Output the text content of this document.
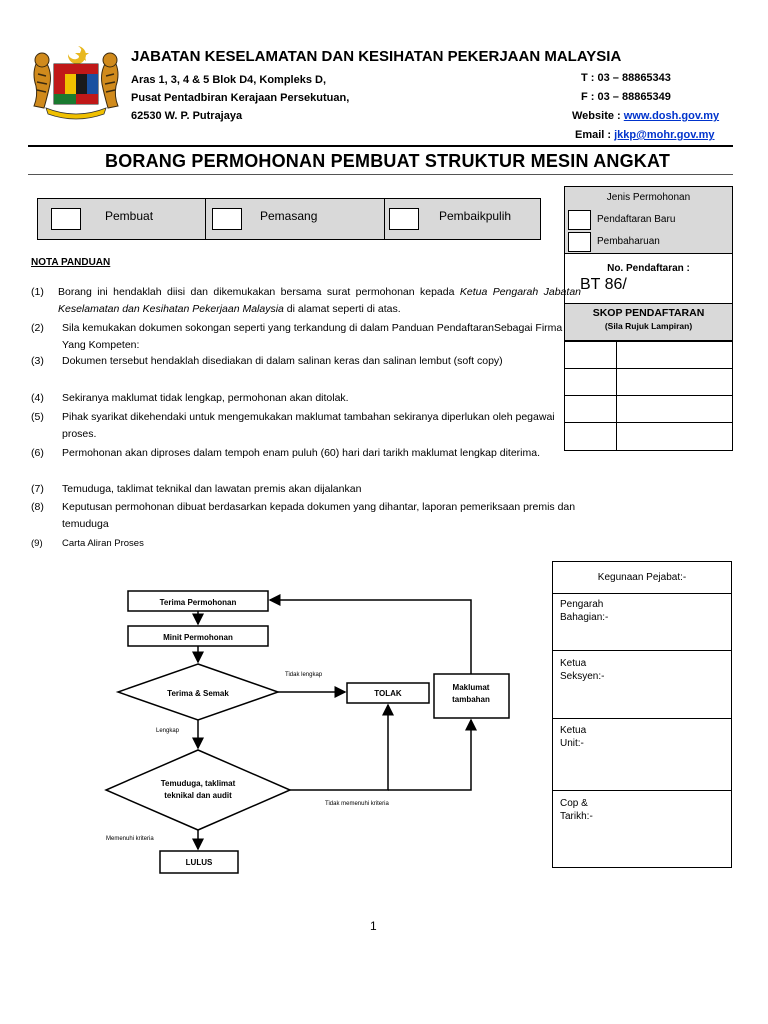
JABATAN KESELAMATAN DAN KESIHATAN PEKERJAAN MALAYSIA
Aras 1, 3, 4 & 5 Blok D4, Kompleks D,
Pusat Pentadbiran Kerajaan Persekutuan,
62530 W. P. Putrajaya
T : 03 – 88865343
F : 03 – 88865349
Website : www.dosh.gov.my
Email : jkkp@mohr.gov.my
BORANG PERMOHONAN PEMBUAT STRUKTUR MESIN ANGKAT
Pembuat	Pemasang	Pembaikpulih
Jenis Permohonan
Pendaftaran Baru
Pembaharuan
No. Pendaftaran :
BT 86/
SKOP PENDAFTARAN
(Sila Rujuk Lampiran)
NOTA PANDUAN
(1) Borang ini hendaklah diisi dan dikemukakan bersama surat permohonan kepada Ketua Pengarah Jabatan Keselamatan dan Kesihatan Pekerjaan Malaysia di alamat seperti di atas.
(2) Sila kemukakan dokumen sokongan seperti yang terkandung di dalam Panduan PendaftaranSebagai Firma Yang Kompeten:
(3) Dokumen tersebut hendaklah disediakan di dalam salinan keras dan salinan lembut (soft copy)
(4) Sekiranya maklumat tidak lengkap, permohonan akan ditolak.
(5) Pihak syarikat dikehendaki untuk mengemukakan maklumat tambahan sekiranya diperlukan oleh pegawai proses.
(6) Permohonan akan diproses dalam tempoh enam puluh (60) hari dari tarikh maklumat lengkap diterima.
(7) Temuduga, taklimat teknikal dan lawatan premis akan dijalankan
(8) Keputusan permohonan dibuat berdasarkan kepada dokumen yang dihantar, laporan pemeriksaan premis dan temuduga
(9) Carta Aliran Proses
Terima Permohonan
Minit Permohonan
Terima & Semak	TOLAK
Maklumat
tambahan
Temuduga, taklimat
teknikal dan audit
LULUS
Tidak lengkap
Lengkap
Tidak memenuhi kriteria
Memenuhi kriteria
Kegunaan Pejabat:-
Pengarah
Bahagian:-
Ketua
Seksyen:-
Ketua
Unit:-
Cop &
Tarikh:-
1
